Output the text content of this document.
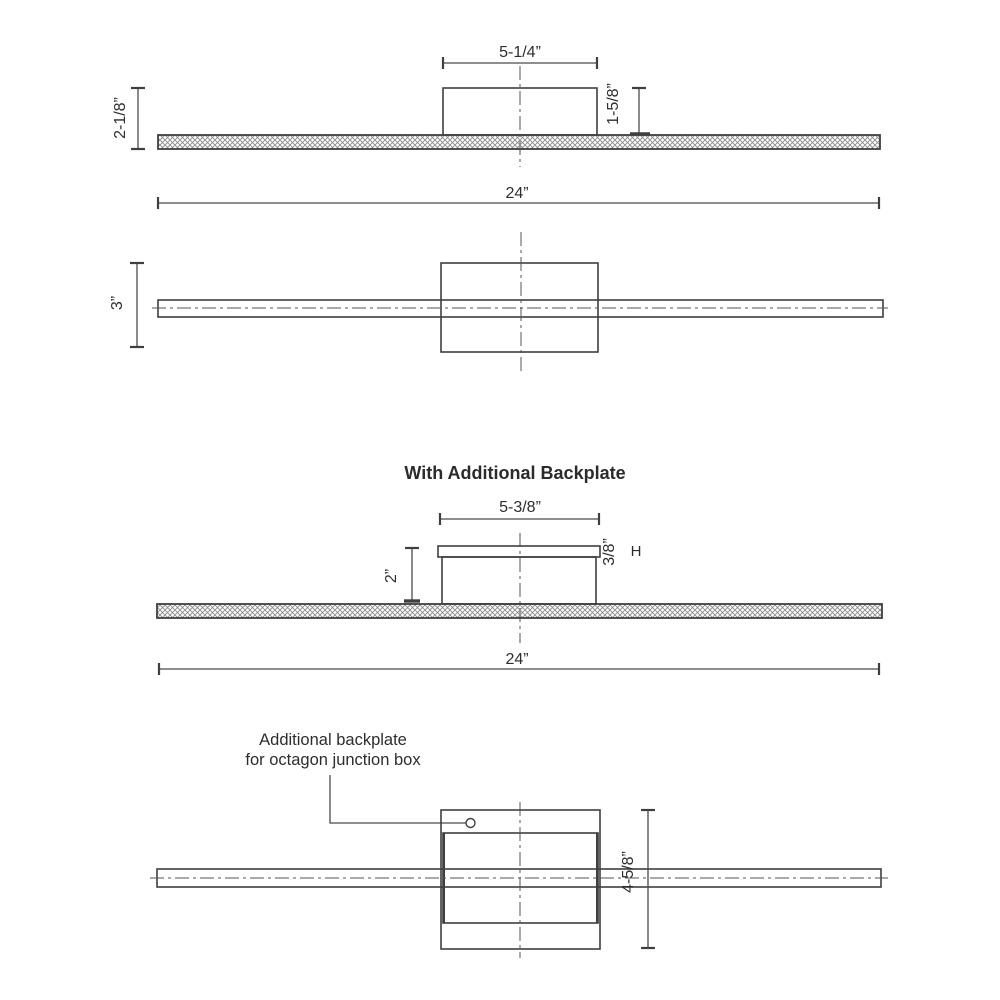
5-1/4”
2-1/8”	1-5/8”
24”
3”
With Additional Backplate
5-3/8”
2”
3/8” H
24”
Additional backplate
for octagon junction box
4-5/8”
